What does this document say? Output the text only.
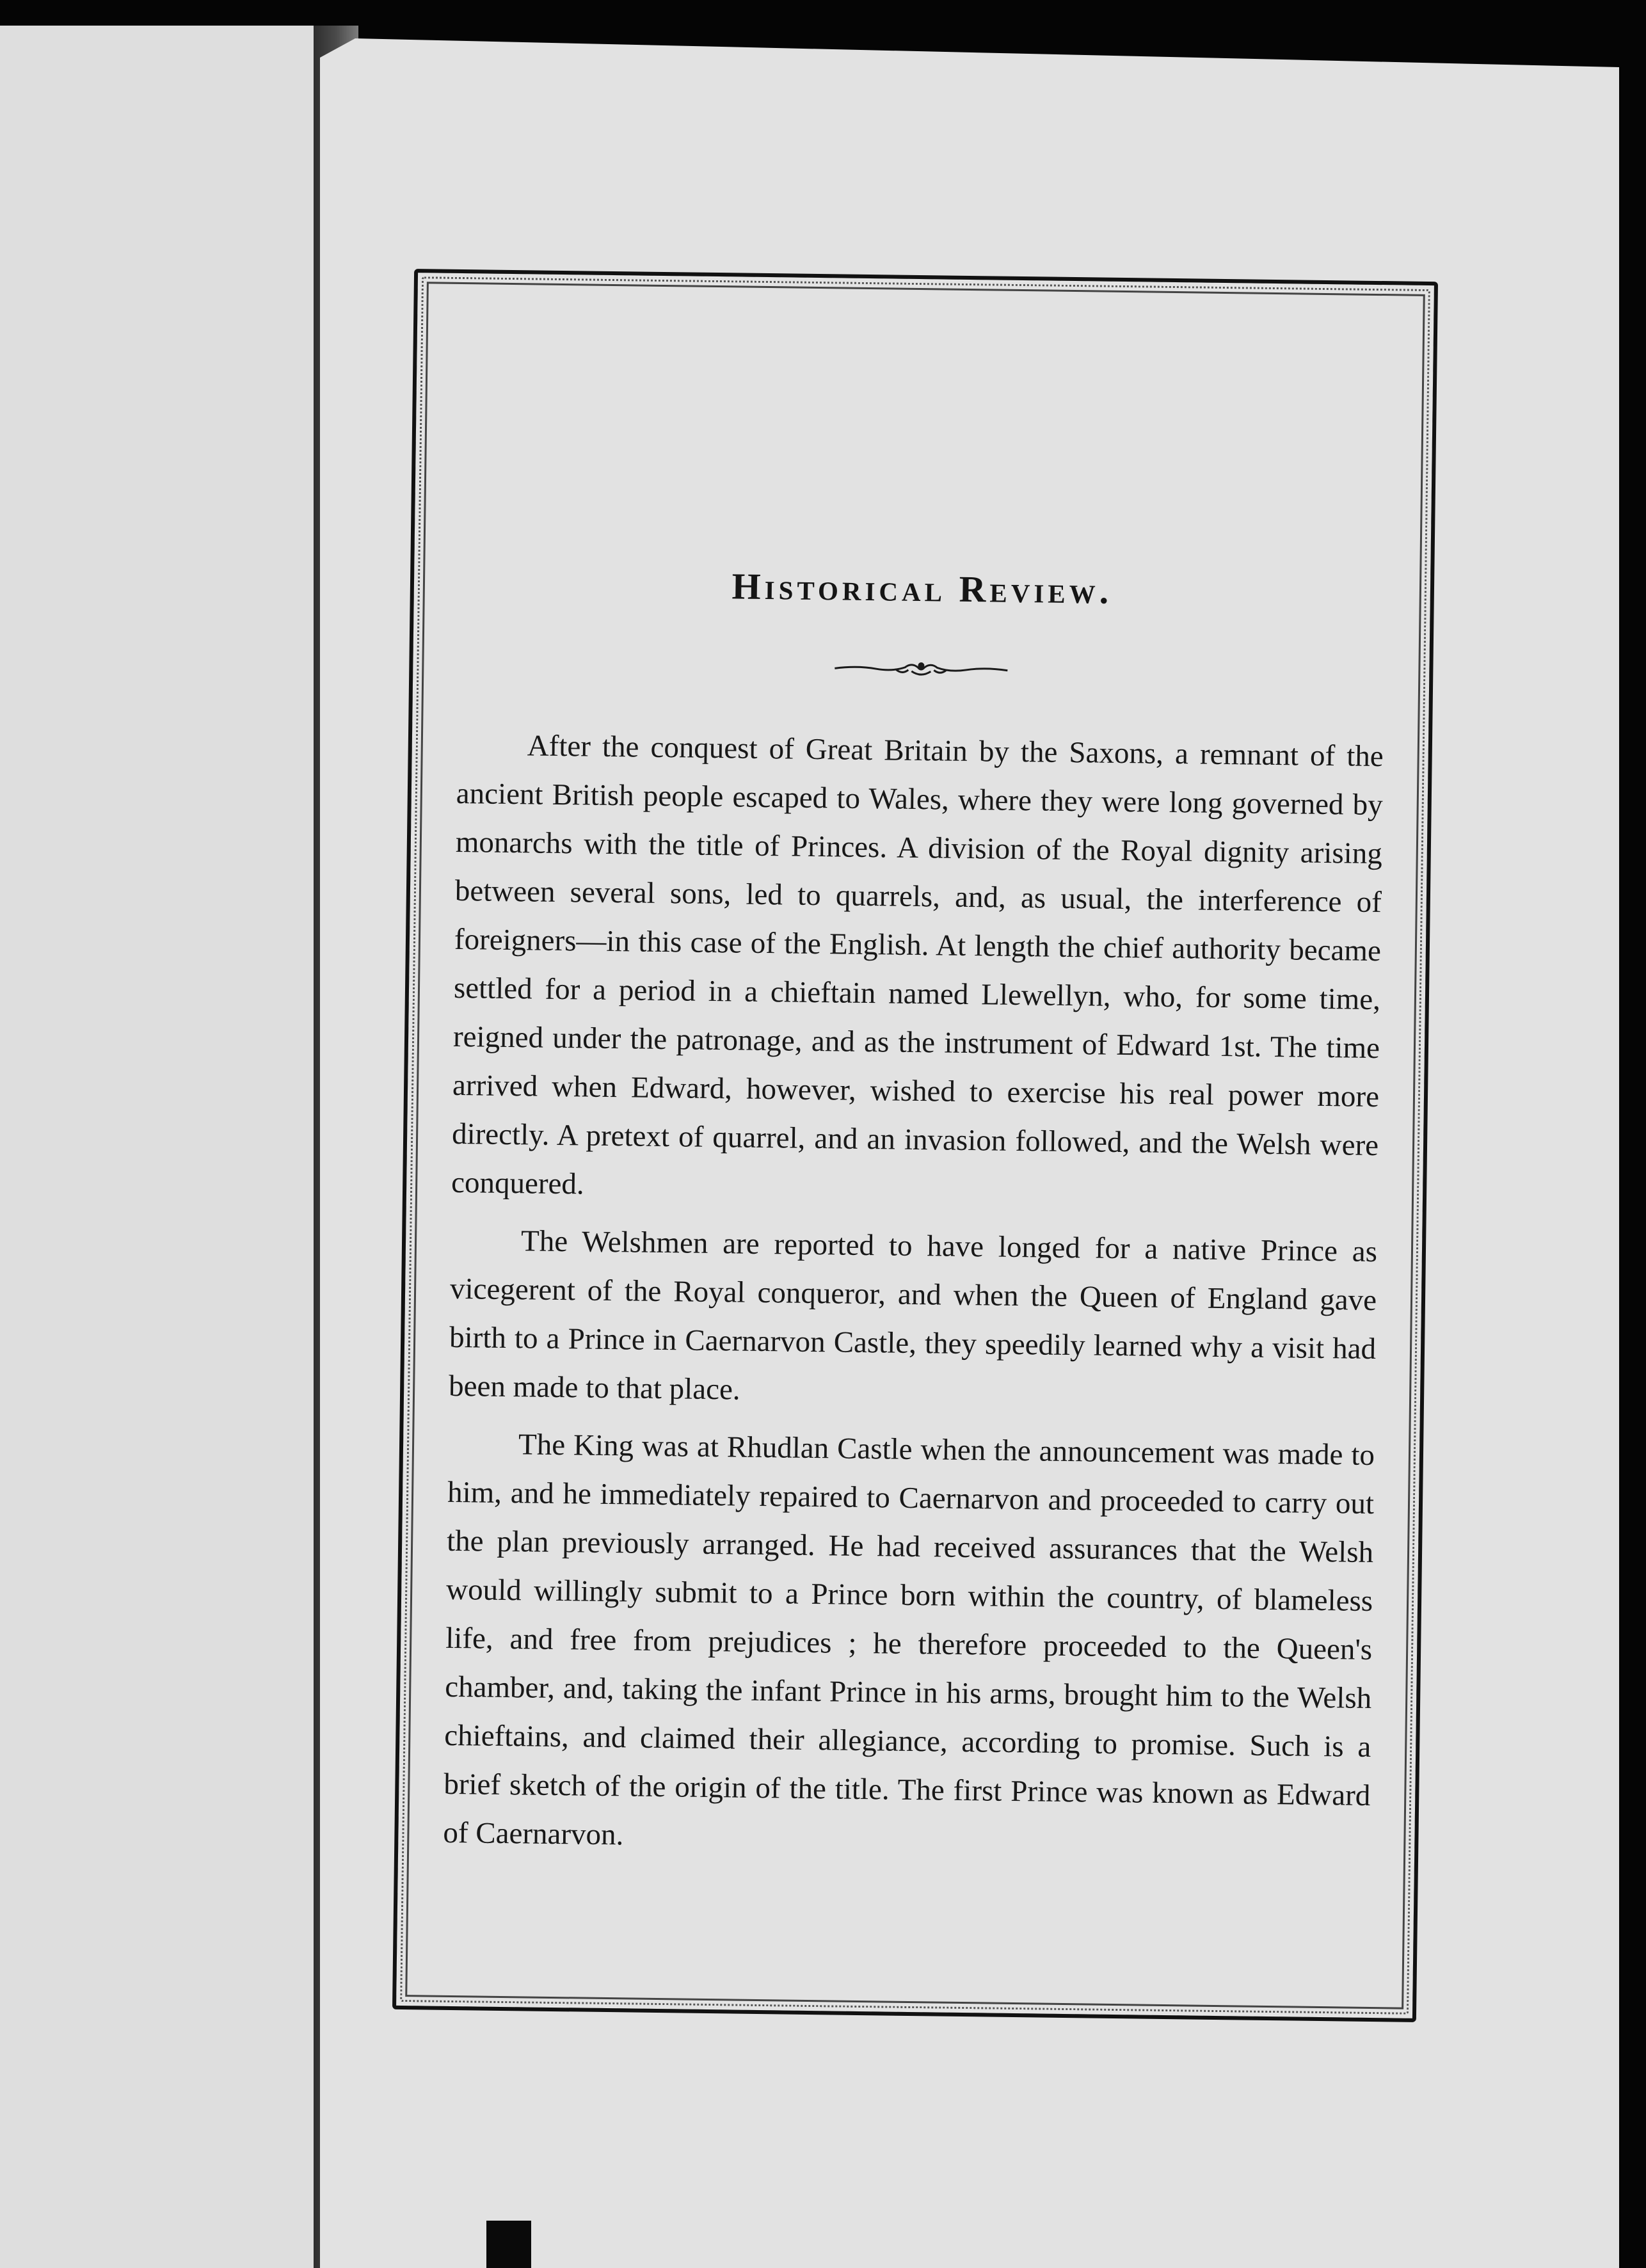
Historical Review.

After the conquest of Great Britain by the Saxons, a remnant of the ancient British people escaped to Wales, where they were long governed by monarchs with the title of Princes. A division of the Royal dignity arising between several sons, led to quarrels, and, as usual, the interference of foreigners—in this case of the English. At length the chief authority became settled for a period in a chieftain named Llewellyn, who, for some time, reigned under the patronage, and as the instrument of Edward 1st. The time arrived when Edward, however, wished to exercise his real power more directly. A pretext of quarrel, and an invasion followed, and the Welsh were conquered.

The Welshmen are reported to have longed for a native Prince as vicegerent of the Royal conqueror, and when the Queen of England gave birth to a Prince in Caernarvon Castle, they speedily learned why a visit had been made to that place.

The King was at Rhudlan Castle when the announcement was made to him, and he immediately repaired to Caernarvon and proceeded to carry out the plan previously arranged. He had received assurances that the Welsh would willingly submit to a Prince born within the country, of blameless life, and free from prejudices ; he therefore proceeded to the Queen's chamber, and, taking the infant Prince in his arms, brought him to the Welsh chieftains, and claimed their allegiance, according to promise. Such is a brief sketch of the origin of the title. The first Prince was known as Edward of Caernarvon.
